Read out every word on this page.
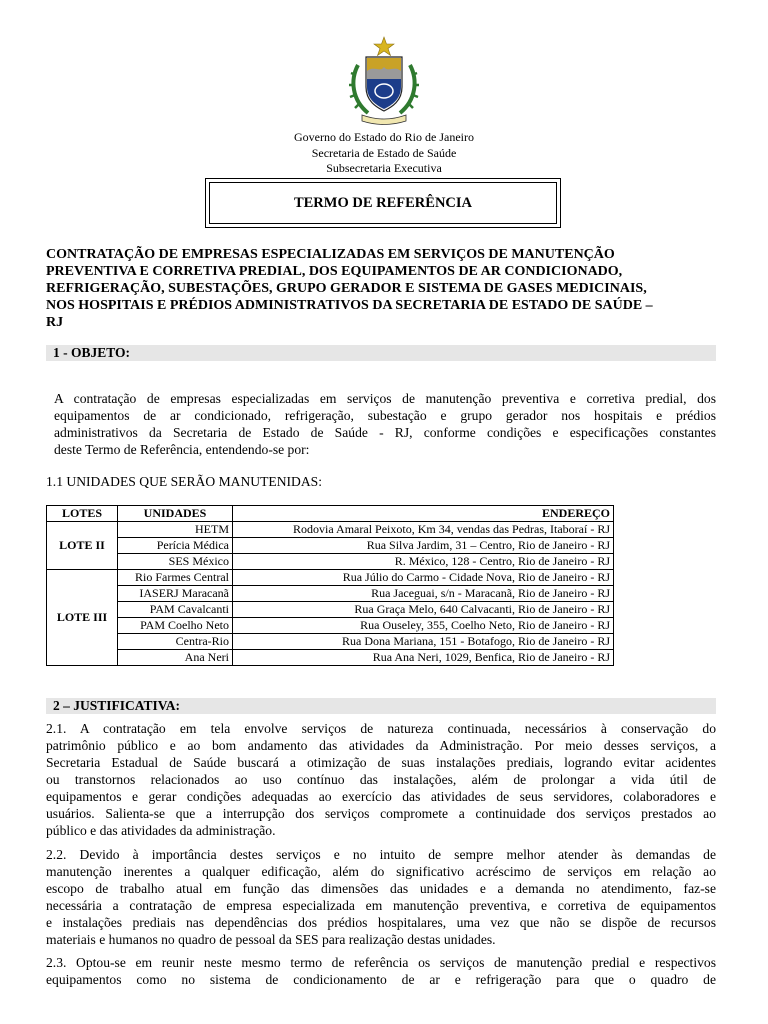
Governo do Estado do Rio de Janeiro
Secretaria de Estado de Saúde
Subsecretaria Executiva
TERMO DE REFERÊNCIA
CONTRATAÇÃO DE EMPRESAS ESPECIALIZADAS EM SERVIÇOS DE MANUTENÇÃO
PREVENTIVA E CORRETIVA PREDIAL, DOS EQUIPAMENTOS DE AR CONDICIONADO,
REFRIGERAÇÃO, SUBESTAÇÕES, GRUPO GERADOR E SISTEMA DE GASES MEDICINAIS,
NOS HOSPITAIS E PRÉDIOS ADMINISTRATIVOS DA SECRETARIA DE ESTADO DE SAÚDE –
RJ
1 - OBJETO:
A contratação de empresas especializadas em serviços de manutenção preventiva e corretiva predial, dos
equipamentos de ar condicionado, refrigeração, subestação e grupo gerador nos hospitais e prédios
administrativos da Secretaria de Estado de Saúde - RJ, conforme condições e especificações constantes
deste Termo de Referência, entendendo-se por:
1.1 UNIDADES QUE SERÃO MANUTENIDAS:
LOTES	UNIDADES	ENDEREÇO
LOTE II	HETM	Rodovia Amaral Peixoto, Km 34, vendas das Pedras, Itaboraí - RJ
	Perícia Médica	Rua Silva Jardim, 31 – Centro, Rio de Janeiro - RJ
	SES México	R. México, 128 - Centro, Rio de Janeiro - RJ
LOTE III	Rio Farmes Central	Rua Júlio do Carmo - Cidade Nova, Rio de Janeiro - RJ
	IASERJ Maracanã	Rua Jaceguai, s/n - Maracanã, Rio de Janeiro - RJ
	PAM Cavalcanti	Rua Graça Melo, 640 Calvacanti, Rio de Janeiro - RJ
	PAM Coelho Neto	Rua Ouseley, 355, Coelho Neto, Rio de Janeiro - RJ
	Centra-Rio	Rua Dona Mariana, 151 - Botafogo, Rio de Janeiro - RJ
	Ana Neri	Rua Ana Neri, 1029, Benfica, Rio de Janeiro - RJ
2 – JUSTIFICATIVA:
2.1. A contratação em tela envolve serviços de natureza continuada, necessários à conservação do
patrimônio público e ao bom andamento das atividades da Administração. Por meio desses serviços, a
Secretaria Estadual de Saúde buscará a otimização de suas instalações prediais, logrando evitar acidentes
ou transtornos relacionados ao uso contínuo das instalações, além de prolongar a vida útil de
equipamentos e gerar condições adequadas ao exercício das atividades de seus servidores, colaboradores e
usuários. Salienta-se que a interrupção dos serviços compromete a continuidade dos serviços prestados ao
público e das atividades da administração.
2.2. Devido à importância destes serviços e no intuito de sempre melhor atender às demandas de
manutenção inerentes a qualquer edificação, além do significativo acréscimo de serviços em relação ao
escopo de trabalho atual em função das dimensões das unidades e a demanda no atendimento, faz-se
necessária a contratação de empresa especializada em manutenção preventiva, e corretiva de equipamentos
e instalações prediais nas dependências dos prédios hospitalares, uma vez que não se dispõe de recursos
materiais e humanos no quadro de pessoal da SES para realização destas unidades.
2.3. Optou-se em reunir neste mesmo termo de referência os serviços de manutenção predial e respectivos
equipamentos como no sistema de condicionamento de ar e refrigeração para que o quadro de
